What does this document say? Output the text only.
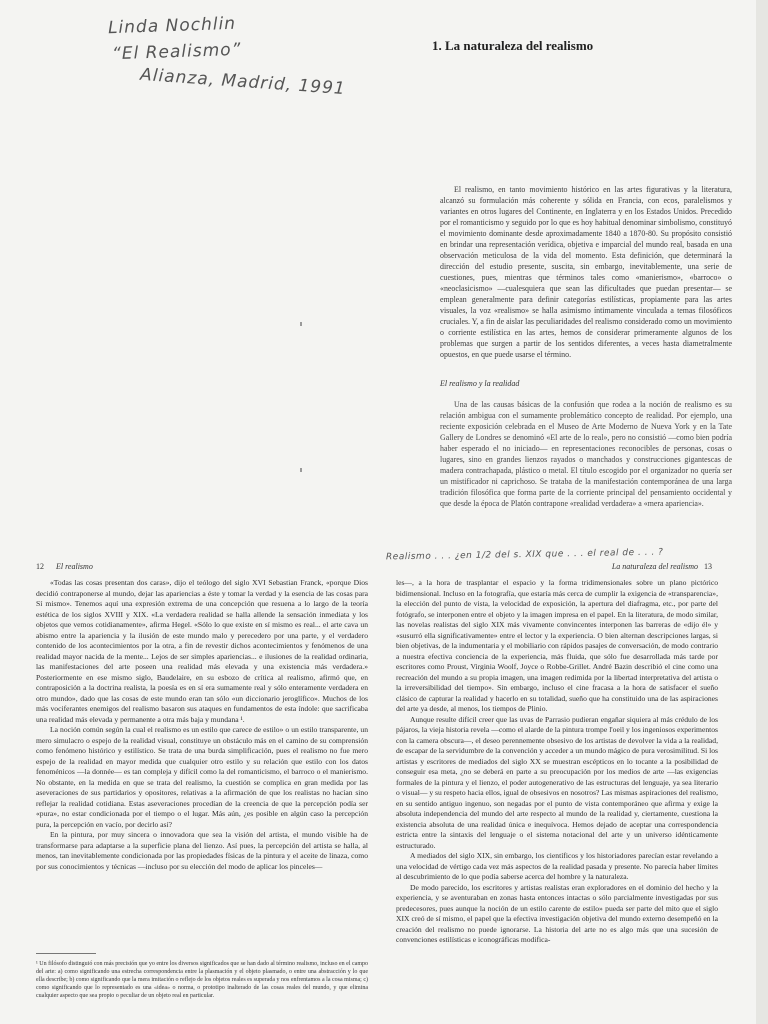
Linda Nochlin
“El Realismo”
Alianza, Madrid, 1991
1. La naturaleza del realismo

El realismo, en tanto movimiento histórico en las artes figurativas y la literatura, alcanzó su formulación más coherente y sólida en Francia, con ecos, paralelismos y variantes en otros lugares del Continente, en Inglaterra y en los Estados Unidos. Precedido por el romanticismo y seguido por lo que es hoy habitual denominar simbolismo, constituyó el movimiento dominante desde aproximadamente 1840 a 1870-80. Su propósito consistió en brindar una representación verídica, objetiva e imparcial del mundo real, basada en una observación meticulosa de la vida del momento. Esta definición, que determinará la dirección del estudio presente, suscita, sin embargo, inevitablemente, una serie de cuestiones, pues, mientras que términos tales como «manierismo», «barroco» o «neoclasicismo» —cualesquiera que sean las dificultades que puedan presentar— se emplean generalmente para definir categorías estilísticas, propiamente para las artes visuales, la voz «realismo» se halla asimismo íntimamente vinculada a temas filosóficos cruciales. Y, a fin de aislar las peculiaridades del realismo considerado como un movimiento o corriente estilística en las artes, hemos de considerar primeramente algunos de los problemas que surgen a partir de los sentidos diferentes, a veces hasta diametralmente opuestos, en que puede usarse el término.

El realismo y la realidad

Una de las causas básicas de la confusión que rodea a la noción de realismo es su relación ambigua con el sumamente problemático concepto de realidad. Por ejemplo, una reciente exposición celebrada en el Museo de Arte Moderno de Nueva York y en la Tate Gallery de Londres se denominó «El arte de lo real», pero no consistió —como bien podría haber esperado el no iniciado— en representaciones reconocibles de personas, cosas o lugares, sino en grandes lienzos rayados o manchados y construcciones gigantescas de madera contrachapada, plástico o metal. El título escogido por el organizador no quería ser un mistificador ni caprichoso. Se trataba de la manifestación contemporánea de una larga tradición filosófica que forma parte de la corriente principal del pensamiento occidental y que desde la época de Platón contrapone «realidad verdadera» a «mera apariencia».

12 El realismo
Realismo . . . ¿en 1/2 del s. XIX que . . . el real de . . . ?
La naturaleza del realismo 13

«Todas las cosas presentan dos caras», dijo el teólogo del siglo XVI Sebastian Franck, «porque Dios decidió contraponerse al mundo, dejar las apariencias a éste y tomar la verdad y la esencia de las cosas para Sí mismo». Tenemos aquí una expresión extrema de una concepción que resuena a lo largo de la teoría estética de los siglos XVIII y XIX. «La verdadera realidad se halla allende la sensación inmediata y los objetos que vemos cotidianamente», afirma Hegel. «Sólo lo que existe en sí mismo es real... el arte cava un abismo entre la apariencia y la ilusión de este mundo malo y perecedero por una parte, y el verdadero contenido de los acontecimientos por la otra, a fin de revestir dichos acontecimientos y fenómenos de una realidad mayor nacida de la mente... Lejos de ser simples apariencias... e ilusiones de la realidad ordinaria, las manifestaciones del arte poseen una realidad más elevada y una existencia más verdadera.» Posteriormente en ese mismo siglo, Baudelaire, en su esbozo de crítica al realismo, afirmó que, en contraposición a la doctrina realista, la poesía es en sí era sumamente real y sólo enteramente verdadera en otro mundo», dado que las cosas de este mundo eran tan sólo «un diccionario jeroglífico». Muchos de los más vociferantes enemigos del realismo basaron sus ataques en fundamentos de esta índole: que sacrificaba una realidad más elevada y permanente a otra más baja y mundana ¹.

La noción común según la cual el realismo es un estilo que carece de estilo» o un estilo transparente, un mero simulacro o espejo de la realidad visual, constituye un obstáculo más en el camino de su comprensión como fenómeno histórico y estilístico. Se trata de una burda simplificación, pues el realismo no fue mero espejo de la realidad en mayor medida que cualquier otro estilo y su relación que estilo con los datos fenoménicos —la donnée— es tan compleja y difícil como la del romanticismo, el barroco o el manierismo. No obstante, en la medida en que se trata del realismo, la cuestión se complica en gran medida por las aseveraciones de sus partidarios y opositores, relativas a la afirmación de que los realistas no hacían sino reflejar la realidad cotidiana. Estas aseveraciones procedían de la creencia de que la percepción podía ser «pura», no estar condicionada por el tiempo o el lugar. Más aún, ¿es posible en algún caso la percepción pura, la percepción en vacío, por decirlo así?

En la pintura, por muy sincera o innovadora que sea la visión del artista, el mundo visible ha de transformarse para adaptarse a la superficie plana del lienzo. Así pues, la percepción del artista se halla, al menos, tan inevitablemente condicionada por las propiedades físicas de la pintura y el aceite de linaza, como por sus conocimientos y técnicas —incluso por su elección del modo de aplicar los pinceles—

¹ Un filósofo distinguió con más precisión que yo entre los diversos significados que se han dado al término realismo, incluso en el campo del arte: a) como significando una estrecha correspondencia entre la plasmación y el objeto plasmado, o entre una abstracción y lo que ella describe; b) como significando que la mera imitación o reflejo de los objetos reales es superada y nos enfrentamos a la cosa misma; c) como significando que lo representado es una «idea» o norma, o prototipo inalterado de las cosas reales del mundo, y que elimina cualquier aspecto que sea propio o peculiar de un objeto real en particular.

les—, a la hora de trasplantar el espacio y la forma tridimensionales sobre un plano pictórico bidimensional. Incluso en la fotografía, que estaría más cerca de cumplir la exigencia de «transparencia», la elección del punto de vista, la velocidad de exposición, la apertura del diafragma, etc., por parte del fotógrafo, se interponen entre el objeto y la imagen impresa en el papel. En la literatura, de modo similar, las novelas realistas del siglo XIX más vivamente convincentes interponen las barreras de «dijo él» y «susurró ella significativamente» entre el lector y la experiencia. O bien alternan descripciones largas, si bien objetivas, de la indumentaria y el mobiliario con rápidos pasajes de conversación, de modo contrario a nuestra efectiva conciencia de la experiencia, más fluida, que sólo fue desarrollada más tarde por escritores como Proust, Virginia Woolf, Joyce o Robbe-Grillet. André Bazin describió el cine como una recreación del mundo a su propia imagen, una imagen redimida por la libertad interpretativa del artista o la irreversibilidad del tiempo». Sin embargo, incluso el cine fracasa a la hora de satisfacer el sueño clásico de capturar la realidad y hacerlo en su totalidad, sueño que ha constituido una de las aspiraciones del arte ya desde, al menos, los tiempos de Plinio.

Aunque resulte difícil creer que las uvas de Parrasio pudieran engañar siquiera al más crédulo de los pájaros, la vieja historia revela —como el alarde de la pintura trompe l'oeil y los ingeniosos experimentos con la camera obscura—, el deseo perennemente obsesivo de los artistas de devolver la vida a la realidad, de escapar de la servidumbre de la convención y acceder a un mundo mágico de pura verosimilitud. Si los artistas y escritores de mediados del siglo XX se muestran escépticos en lo tocante a la posibilidad de conseguir esa meta, ¿no se deberá en parte a su preocupación por los medios de arte —las exigencias formales de la pintura y el lienzo, el poder autogenerativo de las estructuras del lenguaje, ya sea literario o visual— y su respeto hacia ellos, igual de obsesivos en nosotros? Las mismas aspiraciones del realismo, en su sentido antiguo ingenuo, son negadas por el punto de vista contemporáneo que afirma y exige la absoluta independencia del mundo del arte respecto al mundo de la realidad y, ciertamente, cuestiona la existencia absoluta de una realidad única e inequívoca. Hemos dejado de aceptar una correspondencia estricta entre la sintaxis del lenguaje o el sistema notacional del arte y un universo idénticamente estructurado.

A mediados del siglo XIX, sin embargo, los científicos y los historiadores parecían estar revelando a una velocidad de vértigo cada vez más aspectos de la realidad pasada y presente. No parecía haber límites al descubrimiento de lo que podía saberse acerca del hombre y la naturaleza.

De modo parecido, los escritores y artistas realistas eran exploradores en el dominio del hecho y la experiencia, y se aventuraban en zonas hasta entonces intactas o sólo parcialmente investigadas por sus predecesores, pues aunque la noción de un estilo carente de estilo» pueda ser parte del mito que el siglo XIX creó de sí mismo, el papel que la efectiva investigación objetiva del mundo externo desempeñó en la creación del realismo no puede ignorarse. La historia del arte no es algo más que una sucesión de convenciones estilísticas e iconográficas modifica-
